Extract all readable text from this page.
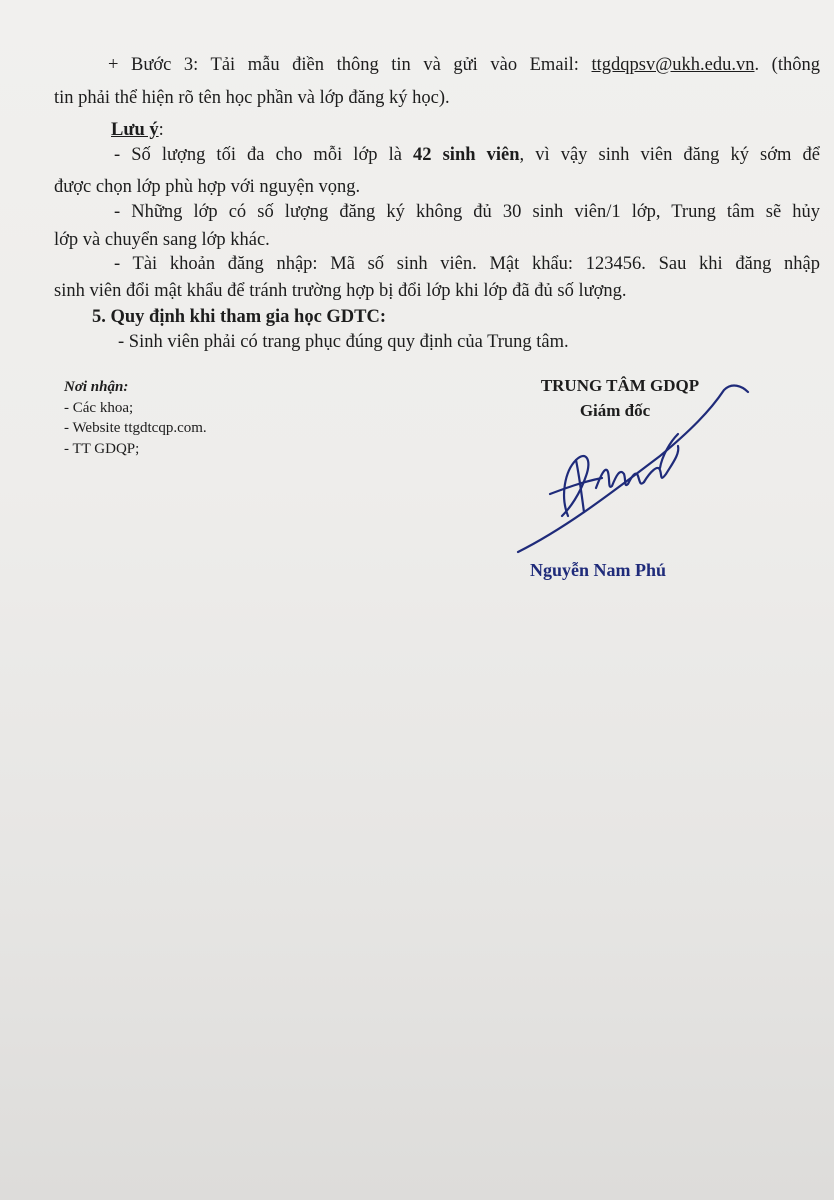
+ Bước 3: Tải mẫu điền thông tin và gửi vào Email: ttgdqpsv@ukh.edu.vn. (thông
tin phải thể hiện rõ tên học phần và lớp đăng ký học).
Lưu ý:
- Số lượng tối đa cho mỗi lớp là 42 sinh viên, vì vậy sinh viên đăng ký sớm để
được chọn lớp phù hợp với nguyện vọng.
- Những lớp có số lượng đăng ký không đủ 30 sinh viên/1 lớp, Trung tâm sẽ hủy
lớp và chuyển sang lớp khác.
- Tài khoản đăng nhập: Mã số sinh viên. Mật khẩu: 123456. Sau khi đăng nhập
sinh viên đổi mật khẩu để tránh trường hợp bị đổi lớp khi lớp đã đủ số lượng.
5. Quy định khi tham gia học GDTC:
- Sinh viên phải có trang phục đúng quy định của Trung tâm.
Nơi nhận:
- Các khoa;
- Website ttgdtcqp.com.
- TT GDQP;
TRUNG TÂM GDQP
Giám đốc
Nguyễn Nam Phú
